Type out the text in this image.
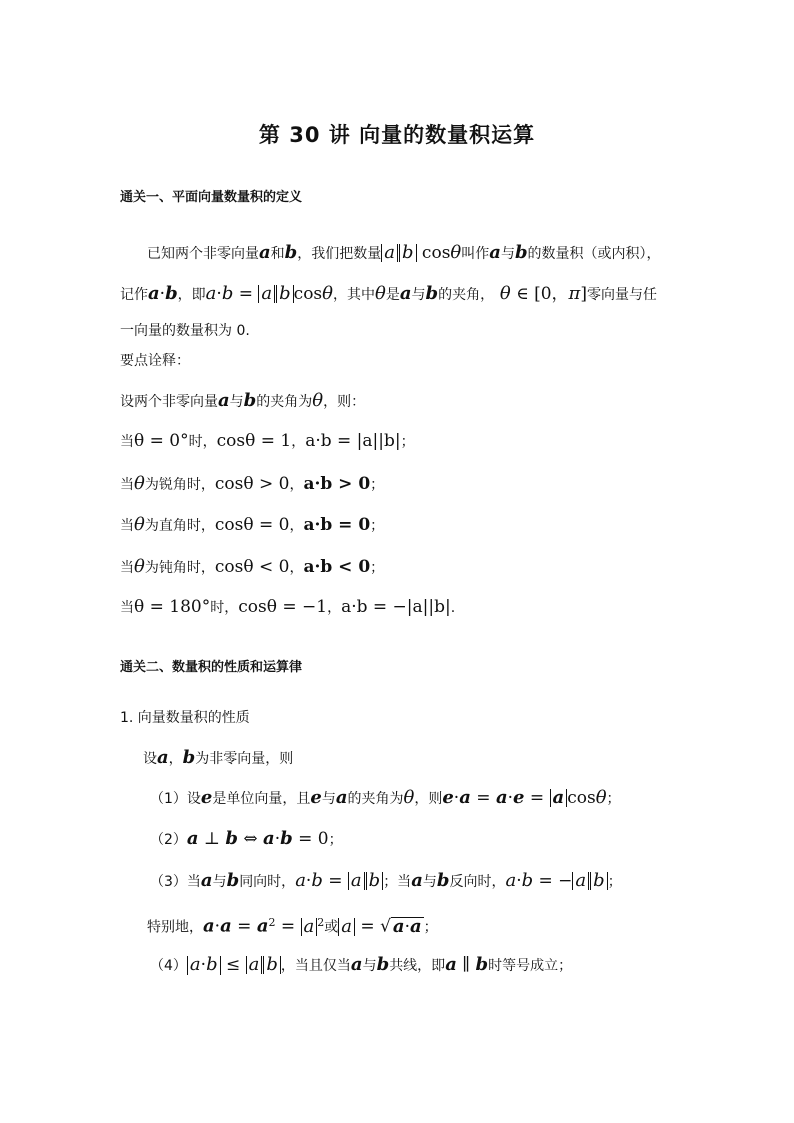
第 30 讲 向量的数量积运算
通关一、平面向量数量积的定义
已知两个非零向量a和b，我们把数量 a b cosθ叫作a与b的数量积（或内积），
记作a·b，即a·b = a b cosθ，其中θ是a与b的夹角， θ ∈ [0，π]零向量与任
一向量的数量积为 0.
要点诠释：
设两个非零向量a与b的夹角为θ，则：
当θ = 0°时，cosθ = 1，a·b = |a||b|；
当θ为锐角时，cosθ > 0，a·b > 0；
当θ为直角时，cosθ = 0，a·b = 0；
当θ为钝角时，cosθ < 0，a·b < 0；
当θ = 180°时，cosθ = −1，a·b = −|a||b|.
通关二、数量积的性质和运算律
1. 向量数量积的性质
设a，b为非零向量，则
（1）设e是单位向量，且e与a的夹角为θ，则e·a = a·e = a cosθ；
（2）a ⊥ b ⇔ a·b = 0；
（3）当a与b同向时，a·b = a b ；当a与b反向时，a·b = − a b ；
特别地，$a\cdot a = a^2 = a$ $^2$或 a = √ a·a ；
（4） a·b ≤ a b ，当且仅当a与b共线，即a ∥ b时等号成立；
